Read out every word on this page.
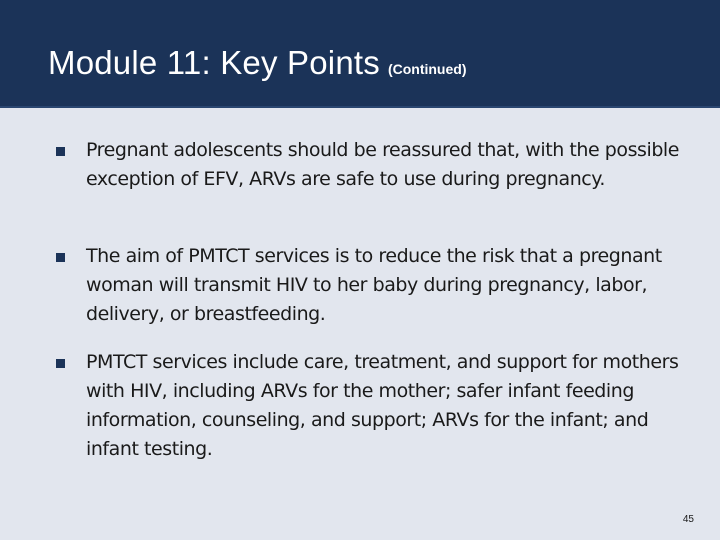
Module 11: Key Points (Continued)
Pregnant adolescents should be reassured that, with the possible exception of EFV, ARVs are safe to use during pregnancy.
The aim of PMTCT services is to reduce the risk that a pregnant woman will transmit HIV to her baby during pregnancy, labor, delivery, or breastfeeding.
PMTCT services include care, treatment, and support for mothers with HIV, including ARVs for the mother; safer infant feeding information, counseling, and support; ARVs for the infant; and infant testing.
45
